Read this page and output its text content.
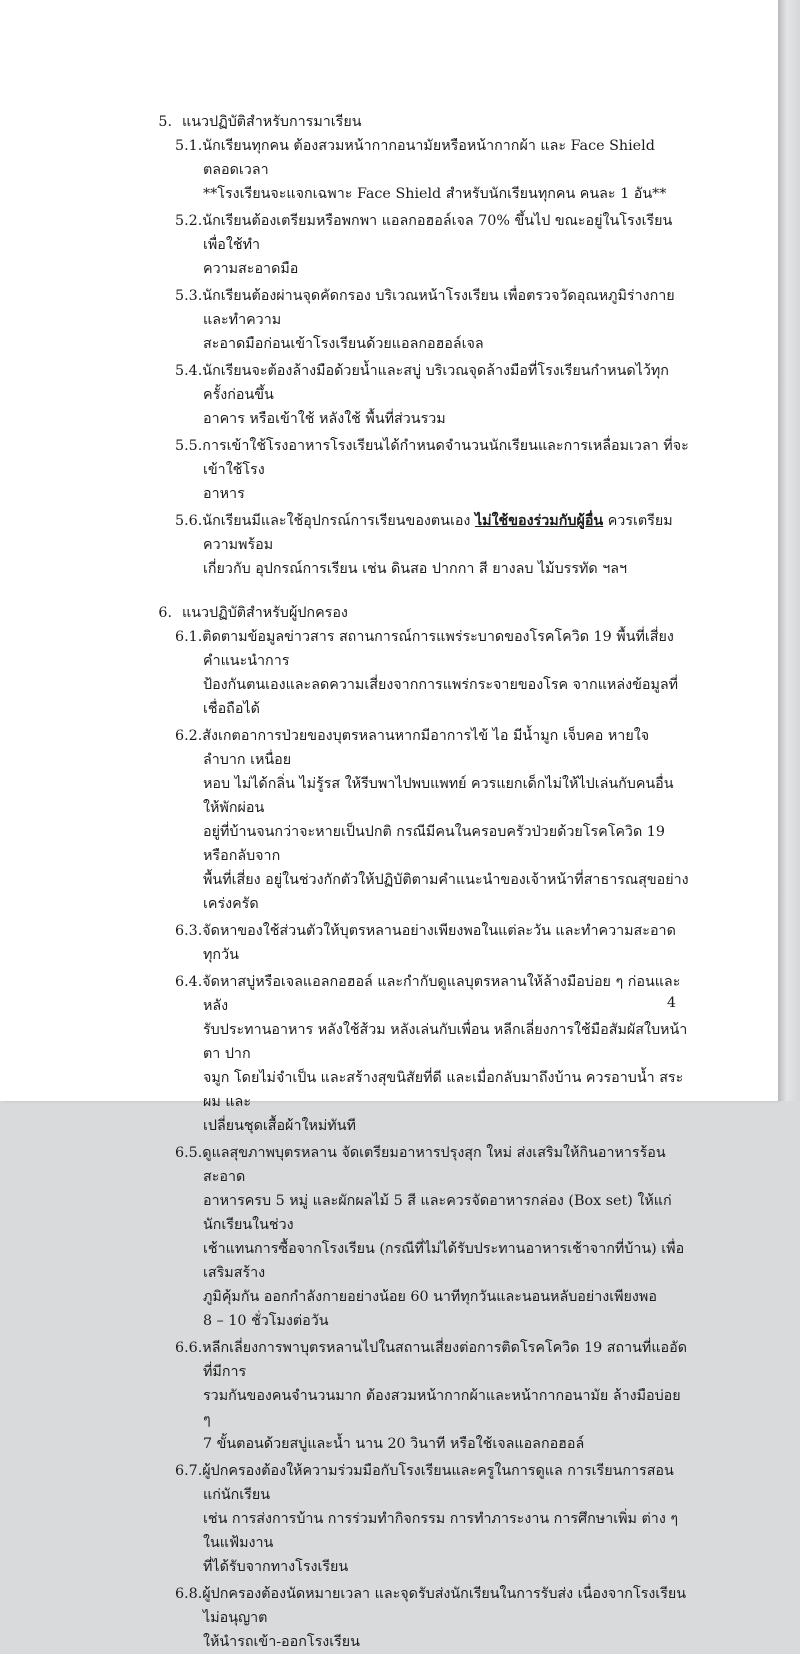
5. แนวปฏิบัติสำหรับการมาเรียน
5.1.นักเรียนทุกคน ต้องสวมหน้ากากอนามัยหรือหน้ากากผ้า และ Face Shield ตลอดเวลา
**โรงเรียนจะแจกเฉพาะ Face Shield สำหรับนักเรียนทุกคน คนละ 1 อัน**
5.2.นักเรียนต้องเตรียมหรือพกพา แอลกอฮอล์เจล 70% ขึ้นไป ขณะอยู่ในโรงเรียน เพื่อใช้ทำ
ความสะอาดมือ
5.3.นักเรียนต้องผ่านจุดคัดกรอง บริเวณหน้าโรงเรียน เพื่อตรวจวัดอุณหภูมิร่างกาย และทำความ
สะอาดมือก่อนเข้าโรงเรียนด้วยแอลกอฮอล์เจล
5.4.นักเรียนจะต้องล้างมือด้วยน้ำและสบู่ บริเวณจุดล้างมือที่โรงเรียนกำหนดไว้ทุกครั้งก่อนขึ้น
อาคาร หรือเข้าใช้ หลังใช้ พื้นที่ส่วนรวม
5.5.การเข้าใช้โรงอาหารโรงเรียนได้กำหนดจำนวนนักเรียนและการเหลื่อมเวลา ที่จะเข้าใช้โรง
อาหาร
5.6.นักเรียนมีและใช้อุปกรณ์การเรียนของตนเอง ไม่ใช้ของร่วมกับผู้อื่น ควรเตรียมความพร้อม
เกี่ยวกับ อุปกรณ์การเรียน เช่น ดินสอ ปากกา สี ยางลบ ไม้บรรทัด ฯลฯ
6. แนวปฏิบัติสำหรับผู้ปกครอง
6.1.ติดตามข้อมูลข่าวสาร สถานการณ์การแพร่ระบาดของโรคโควิด 19 พื้นที่เสี่ยง คำแนะนำการ
ป้องกันตนเองและลดความเสี่ยงจากการแพร่กระจายของโรค จากแหล่งข้อมูลที่เชื่อถือได้
6.2.สังเกตอาการป่วยของบุตรหลานหากมีอาการไข้ ไอ มีน้ำมูก เจ็บคอ หายใจลำบาก เหนื่อย
หอบ ไม่ได้กลิ่น ไม่รู้รส ให้รีบพาไปพบแพทย์ ควรแยกเด็กไม่ให้ไปเล่นกับคนอื่น ให้พักผ่อน
อยู่ที่บ้านจนกว่าจะหายเป็นปกติ กรณีมีคนในครอบครัวป่วยด้วยโรคโควิด 19 หรือกลับจาก
พื้นที่เสี่ยง อยู่ในช่วงกักตัวให้ปฏิบัติตามคำแนะนำของเจ้าหน้าที่สาธารณสุขอย่างเคร่งครัด
6.3.จัดหาของใช้ส่วนตัวให้บุตรหลานอย่างเพียงพอในแต่ละวัน และทำความสะอาดทุกวัน
6.4.จัดหาสบู่หรือเจลแอลกอฮอล์ และกำกับดูแลบุตรหลานให้ล้างมือบ่อย ๆ ก่อนและหลัง
รับประทานอาหาร หลังใช้ส้วม หลังเล่นกับเพื่อน หลีกเลี่ยงการใช้มือสัมผัสใบหน้า ตา ปาก
จมูก โดยไม่จำเป็น และสร้างสุขนิสัยที่ดี และเมื่อกลับมาถึงบ้าน ควรอาบน้ำ สระผม และ
เปลี่ยนชุดเสื้อผ้าใหม่ทันที
6.5.ดูแลสุขภาพบุตรหลาน จัดเตรียมอาหารปรุงสุก ใหม่ ส่งเสริมให้กินอาหารร้อน สะอาด
อาหารครบ 5 หมู่ และผักผลไม้ 5 สี และควรจัดอาหารกล่อง (Box set) ให้แก่นักเรียนในช่วง
เช้าแทนการซื้อจากโรงเรียน (กรณีที่ไม่ได้รับประทานอาหารเช้าจากที่บ้าน) เพื่อเสริมสร้าง
ภูมิคุ้มกัน ออกกำลังกายอย่างน้อย 60 นาทีทุกวันและนอนหลับอย่างเพียงพอ
8 – 10 ชั่วโมงต่อวัน
6.6.หลีกเลี่ยงการพาบุตรหลานไปในสถานเสี่ยงต่อการติดโรคโควิด 19 สถานที่แออัดที่มีการ
รวมกันของคนจำนวนมาก ต้องสวมหน้ากากผ้าและหน้ากากอนามัย ล้างมือบ่อย ๆ
7 ขั้นตอนด้วยสบู่และน้ำ นาน 20 วินาที หรือใช้เจลแอลกอฮอล์
6.7.ผู้ปกครองต้องให้ความร่วมมือกับโรงเรียนและครูในการดูแล การเรียนการสอนแก่นักเรียน
เช่น การส่งการบ้าน การร่วมทำกิจกรรม การทำภาระงาน การศึกษาเพิ่ม ต่าง ๆ ในแฟ้มงาน
ที่ได้รับจากทางโรงเรียน
6.8.ผู้ปกครองต้องนัดหมายเวลา และจุดรับส่งนักเรียนในการรับส่ง เนื่องจากโรงเรียนไม่อนุญาต
ให้นำรถเข้า-ออกโรงเรียน
4
